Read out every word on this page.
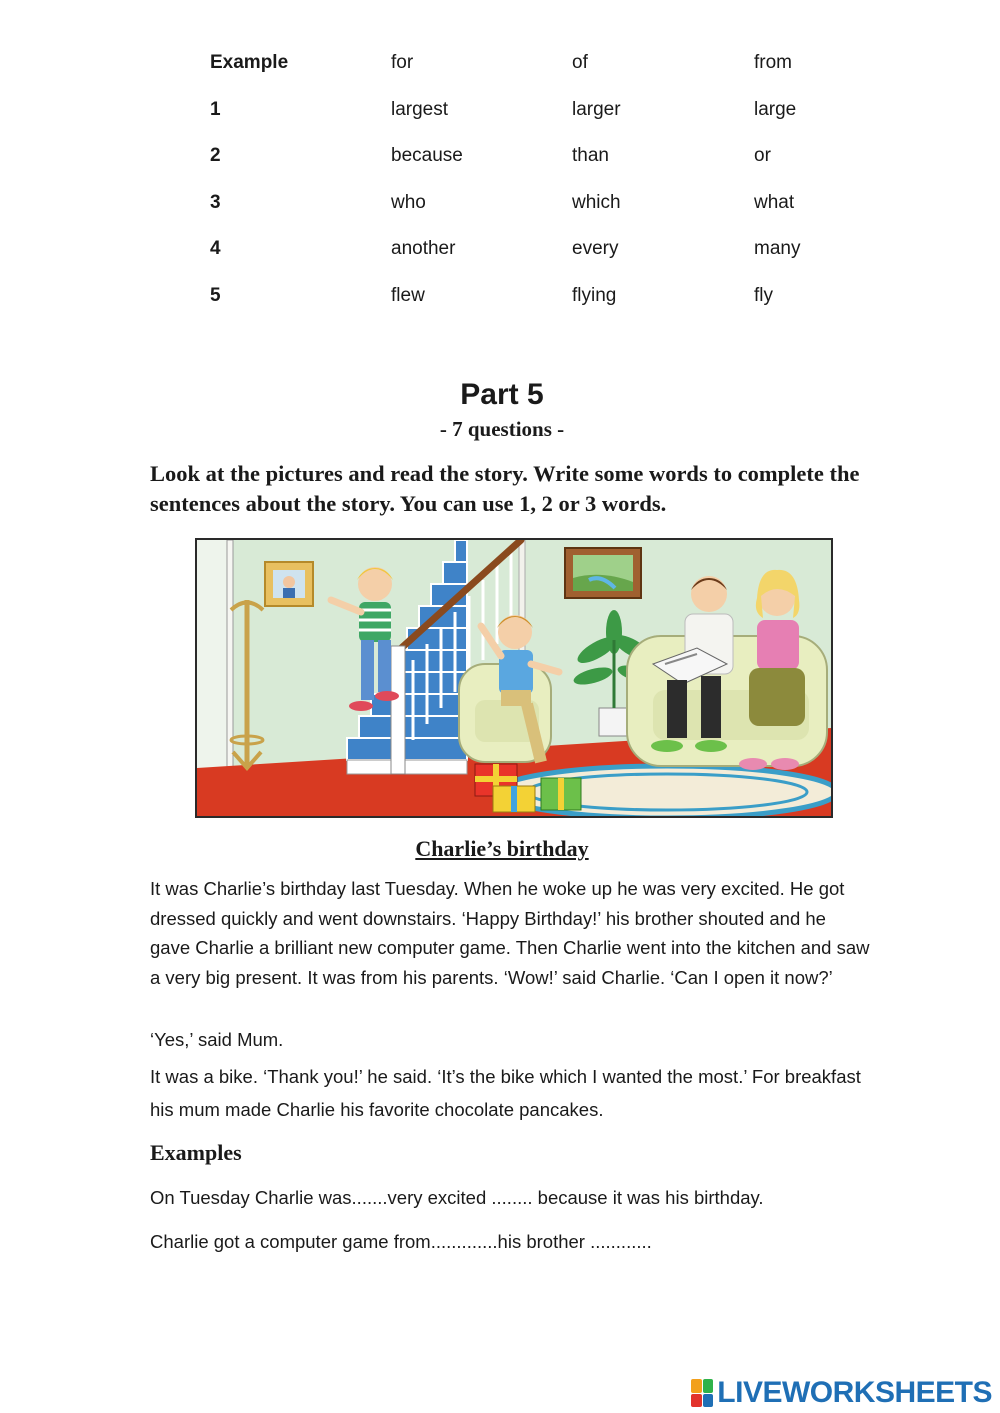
Example	for	of	from
1	largest	larger	large
2	because	than	or
3	who	which	what
4	another	every	many
5	flew	flying	fly
Part 5
- 7 questions -
Look at the pictures and read the story. Write some words to complete the sentences about the story. You can use 1, 2 or 3 words.
Charlie’s birthday
It was Charlie’s birthday last Tuesday. When he woke up he was very excited. He got dressed quickly and went downstairs. ‘Happy Birthday!’ his brother shouted and he gave Charlie a brilliant new computer game. Then Charlie went into the kitchen and saw a very big present. It was from his parents. ‘Wow!’ said Charlie. ‘Can I open it now?’
‘Yes,’ said Mum.
It was a bike. ‘Thank you!’ he said. ‘It’s the bike which I wanted the most.’ For breakfast his mum made Charlie his favorite chocolate pancakes.
Examples
On Tuesday Charlie was.......very excited ........ because it was his birthday.
Charlie got a computer game from.............his brother ............
LIVEWORKSHEETS
